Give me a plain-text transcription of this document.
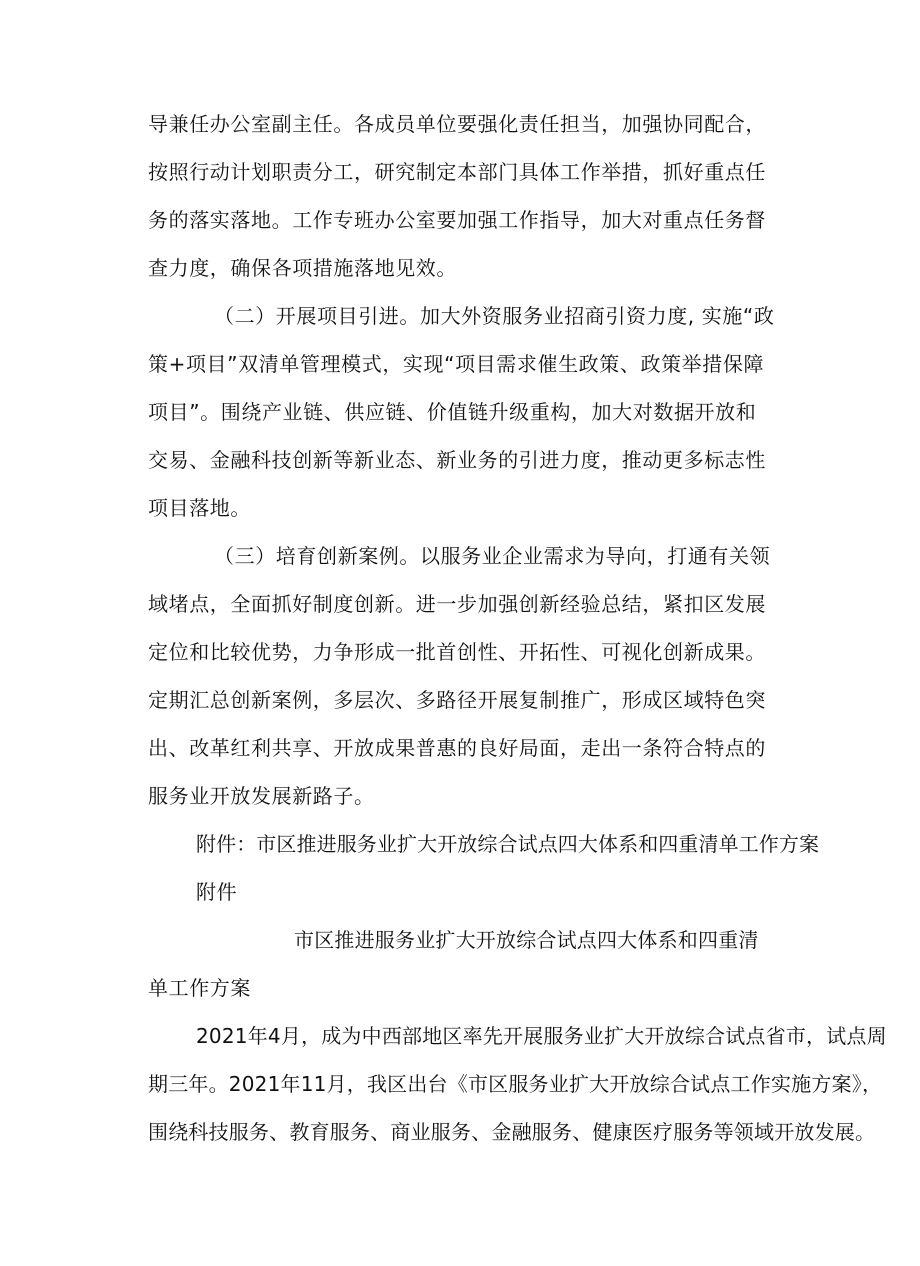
导兼任办公室副主任。各成员单位要强化责任担当，加强协同配合，
按照行动计划职责分工，研究制定本部门具体工作举措，抓好重点任
务的落实落地。工作专班办公室要加强工作指导，加大对重点任务督
查力度，确保各项措施落地见效。
（二）开展项目引进。加大外资服务业招商引资力度, 实施“政
策+项目”双清单管理模式，实现“项目需求催生政策、政策举措保障
项目”。围绕产业链、供应链、价值链升级重构，加大对数据开放和
交易、金融科技创新等新业态、新业务的引进力度，推动更多标志性
项目落地。
（三）培育创新案例。以服务业企业需求为导向，打通有关领
域堵点，全面抓好制度创新。进一步加强创新经验总结，紧扣区发展
定位和比较优势，力争形成一批首创性、开拓性、可视化创新成果。
定期汇总创新案例，多层次、多路径开展复制推广，形成区域特色突
出、改革红利共享、开放成果普惠的良好局面，走出一条符合特点的
服务业开放发展新路子。
附件：市区推进服务业扩大开放综合试点四大体系和四重清单工作方案
附件
市区推进服务业扩大开放综合试点四大体系和四重清
单工作方案
2021年4月，成为中西部地区率先开展服务业扩大开放综合试点省市，试点周
期三年。2021年11月，我区出台《市区服务业扩大开放综合试点工作实施方案》，
围绕科技服务、教育服务、商业服务、金融服务、健康医疗服务等领域开放发展。
